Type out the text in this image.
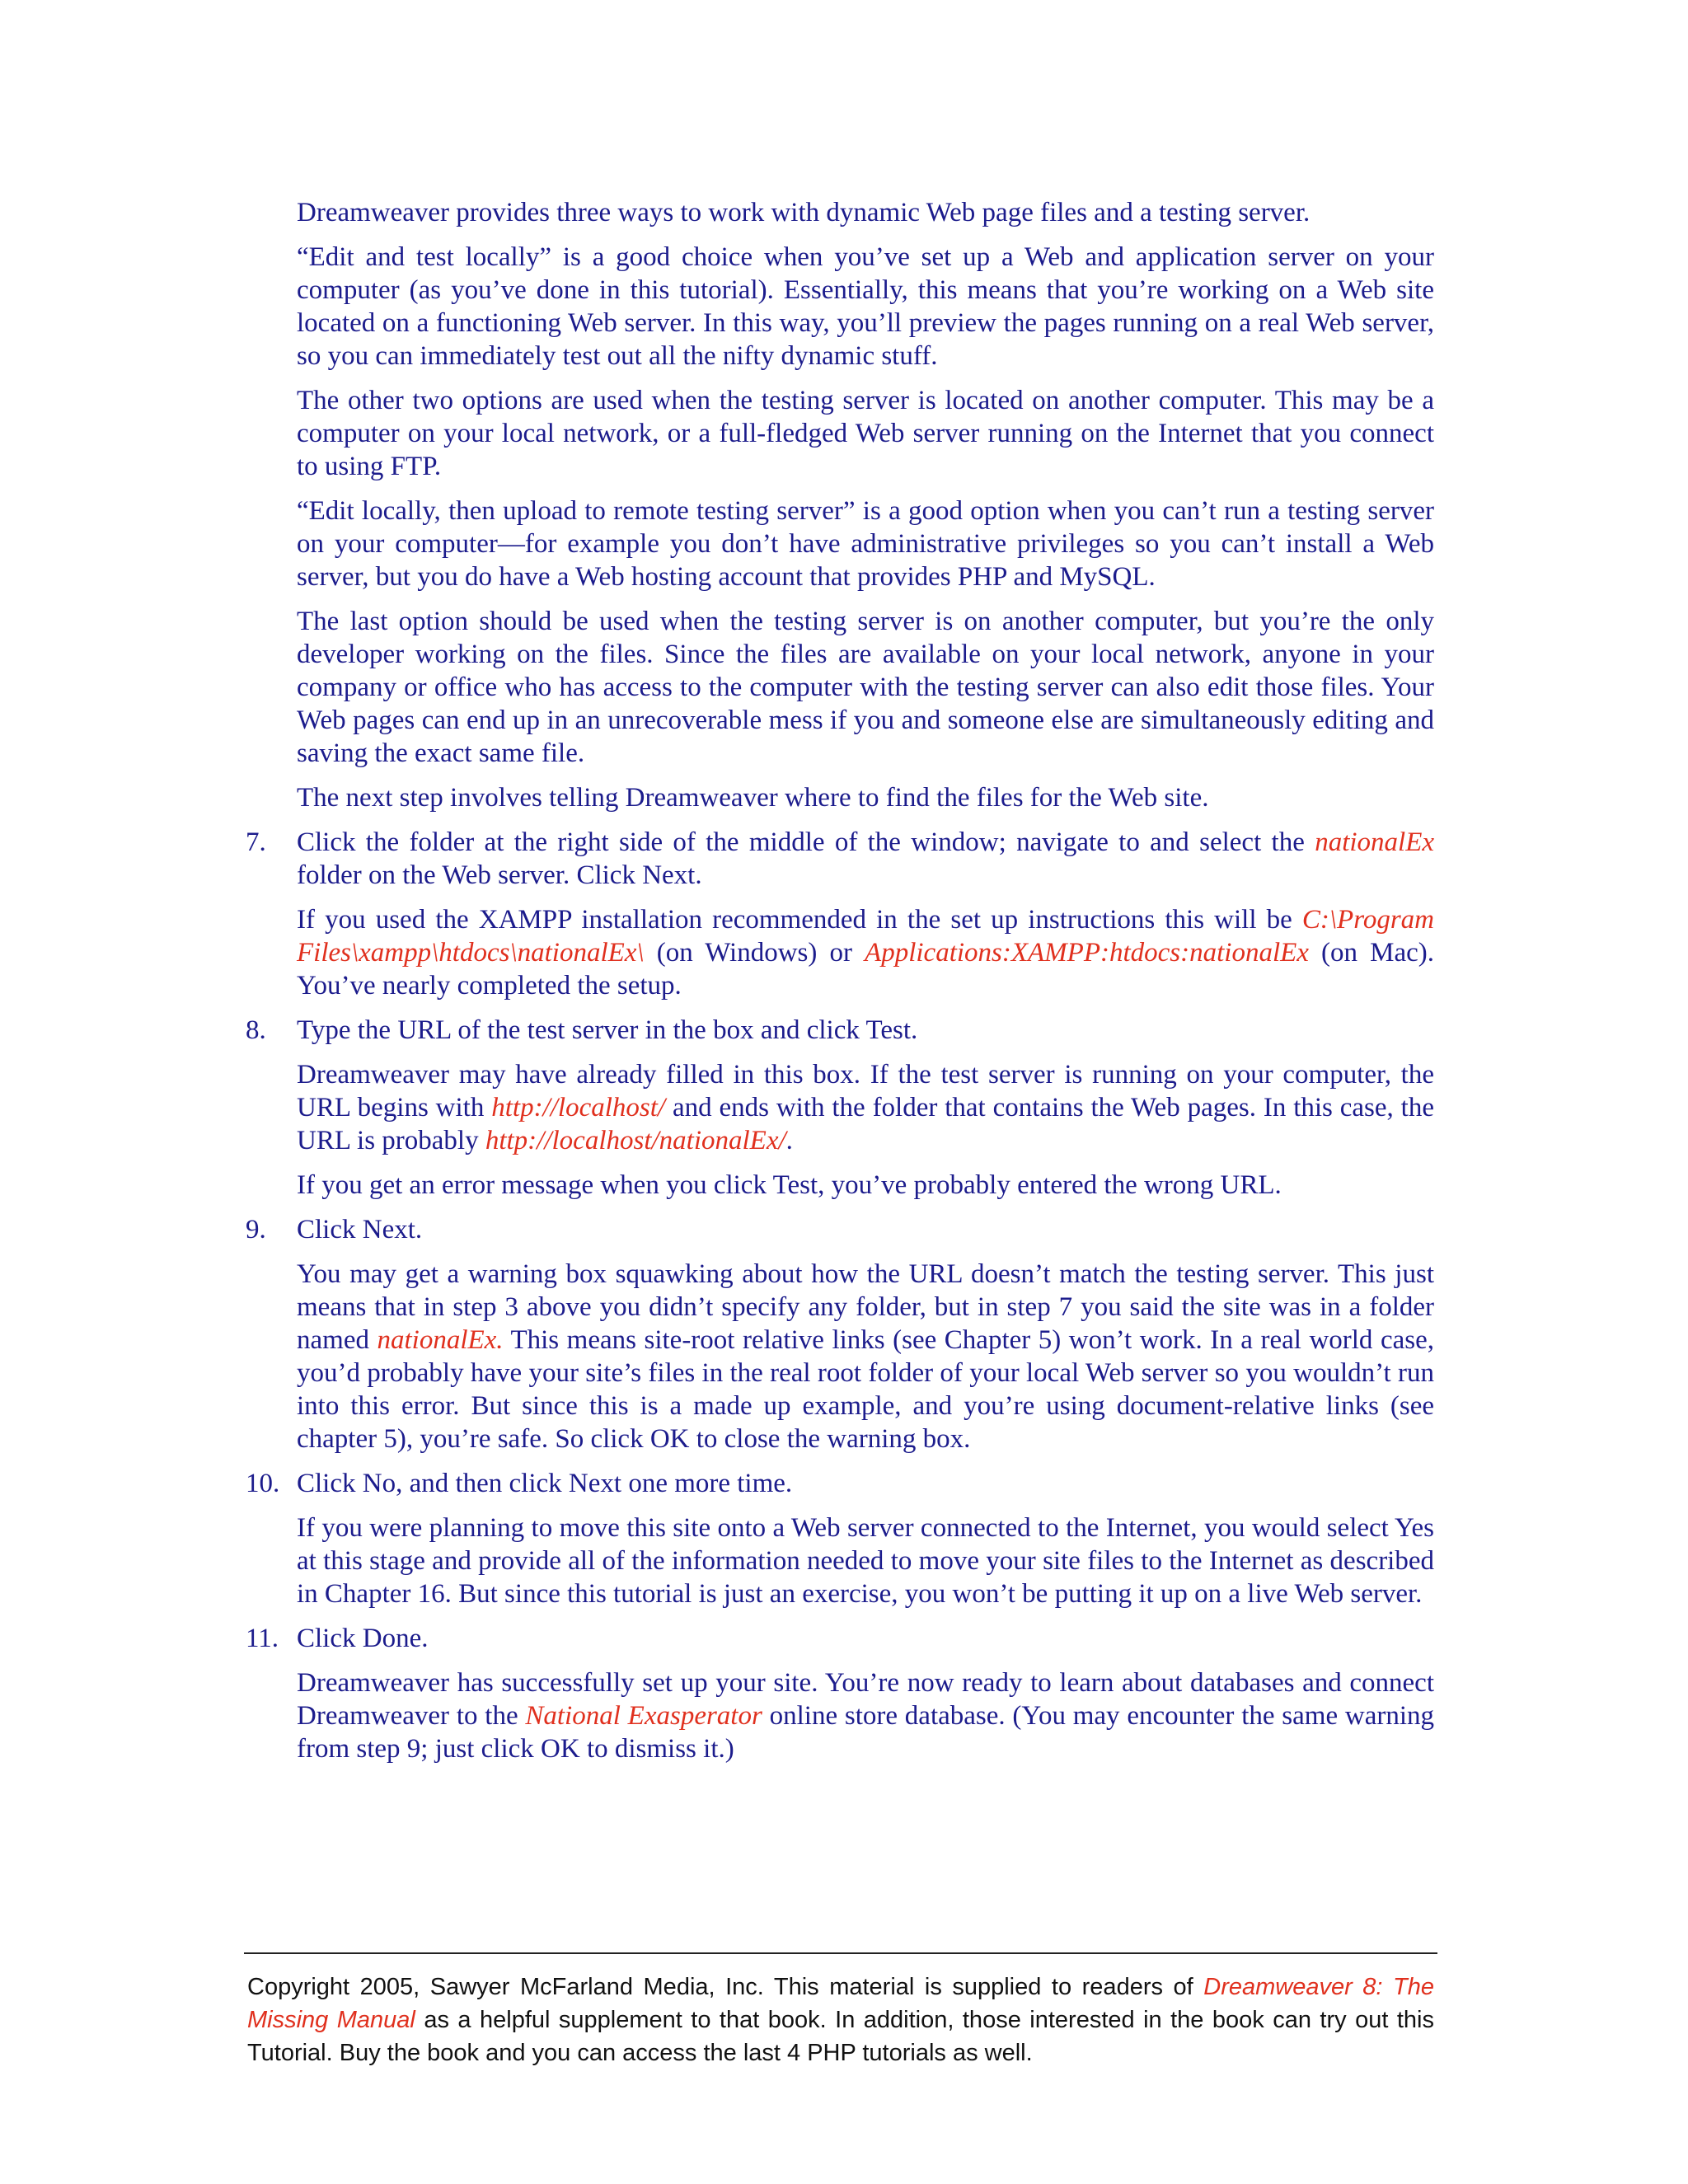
Dreamweaver provides three ways to work with dynamic Web page files and a testing server.

“Edit and test locally” is a good choice when you’ve set up a Web and application server on your computer (as you’ve done in this tutorial). Essentially, this means that you’re working on a Web site located on a functioning Web server. In this way, you’ll preview the pages running on a real Web server, so you can immediately test out all the nifty dynamic stuff.

The other two options are used when the testing server is located on another computer. This may be a computer on your local network, or a full-fledged Web server running on the Internet that you connect to using FTP.

“Edit locally, then upload to remote testing server” is a good option when you can’t run a testing server on your computer—for example you don’t have administrative privileges so you can’t install a Web server, but you do have a Web hosting account that provides PHP and MySQL.

The last option should be used when the testing server is on another computer, but you’re the only developer working on the files. Since the files are available on your local network, anyone in your company or office who has access to the computer with the testing server can also edit those files. Your Web pages can end up in an unrecoverable mess if you and someone else are simultaneously editing and saving the exact same file.

The next step involves telling Dreamweaver where to find the files for the Web site.

7. Click the folder at the right side of the middle of the window; navigate to and select the nationalEx folder on the Web server. Click Next.

If you used the XAMPP installation recommended in the set up instructions this will be C:\Program Files\xampp\htdocs\nationalEx\ (on Windows) or Applications:XAMPP:htdocs:nationalEx (on Mac). You’ve nearly completed the setup.

8. Type the URL of the test server in the box and click Test.

Dreamweaver may have already filled in this box. If the test server is running on your computer, the URL begins with http://localhost/ and ends with the folder that contains the Web pages. In this case, the URL is probably http://localhost/nationalEx/.

If you get an error message when you click Test, you’ve probably entered the wrong URL.

9. Click Next.

You may get a warning box squawking about how the URL doesn’t match the testing server. This just means that in step 3 above you didn’t specify any folder, but in step 7 you said the site was in a folder named nationalEx. This means site-root relative links (see Chapter 5) won’t work. In a real world case, you’d probably have your site’s files in the real root folder of your local Web server so you wouldn’t run into this error. But since this is a made up example, and you’re using document-relative links (see chapter 5), you’re safe. So click OK to close the warning box.

10. Click No, and then click Next one more time.

If you were planning to move this site onto a Web server connected to the Internet, you would select Yes at this stage and provide all of the information needed to move your site files to the Internet as described in Chapter 16. But since this tutorial is just an exercise, you won’t be putting it up on a live Web server.

11. Click Done.

Dreamweaver has successfully set up your site. You’re now ready to learn about databases and connect Dreamweaver to the National Exasperator online store database. (You may encounter the same warning from step 9; just click OK to dismiss it.)

Copyright 2005, Sawyer McFarland Media, Inc. This material is supplied to readers of Dreamweaver 8: The Missing Manual as a helpful supplement to that book. In addition, those interested in the book can try out this Tutorial. Buy the book and you can access the last 4 PHP tutorials as well.
